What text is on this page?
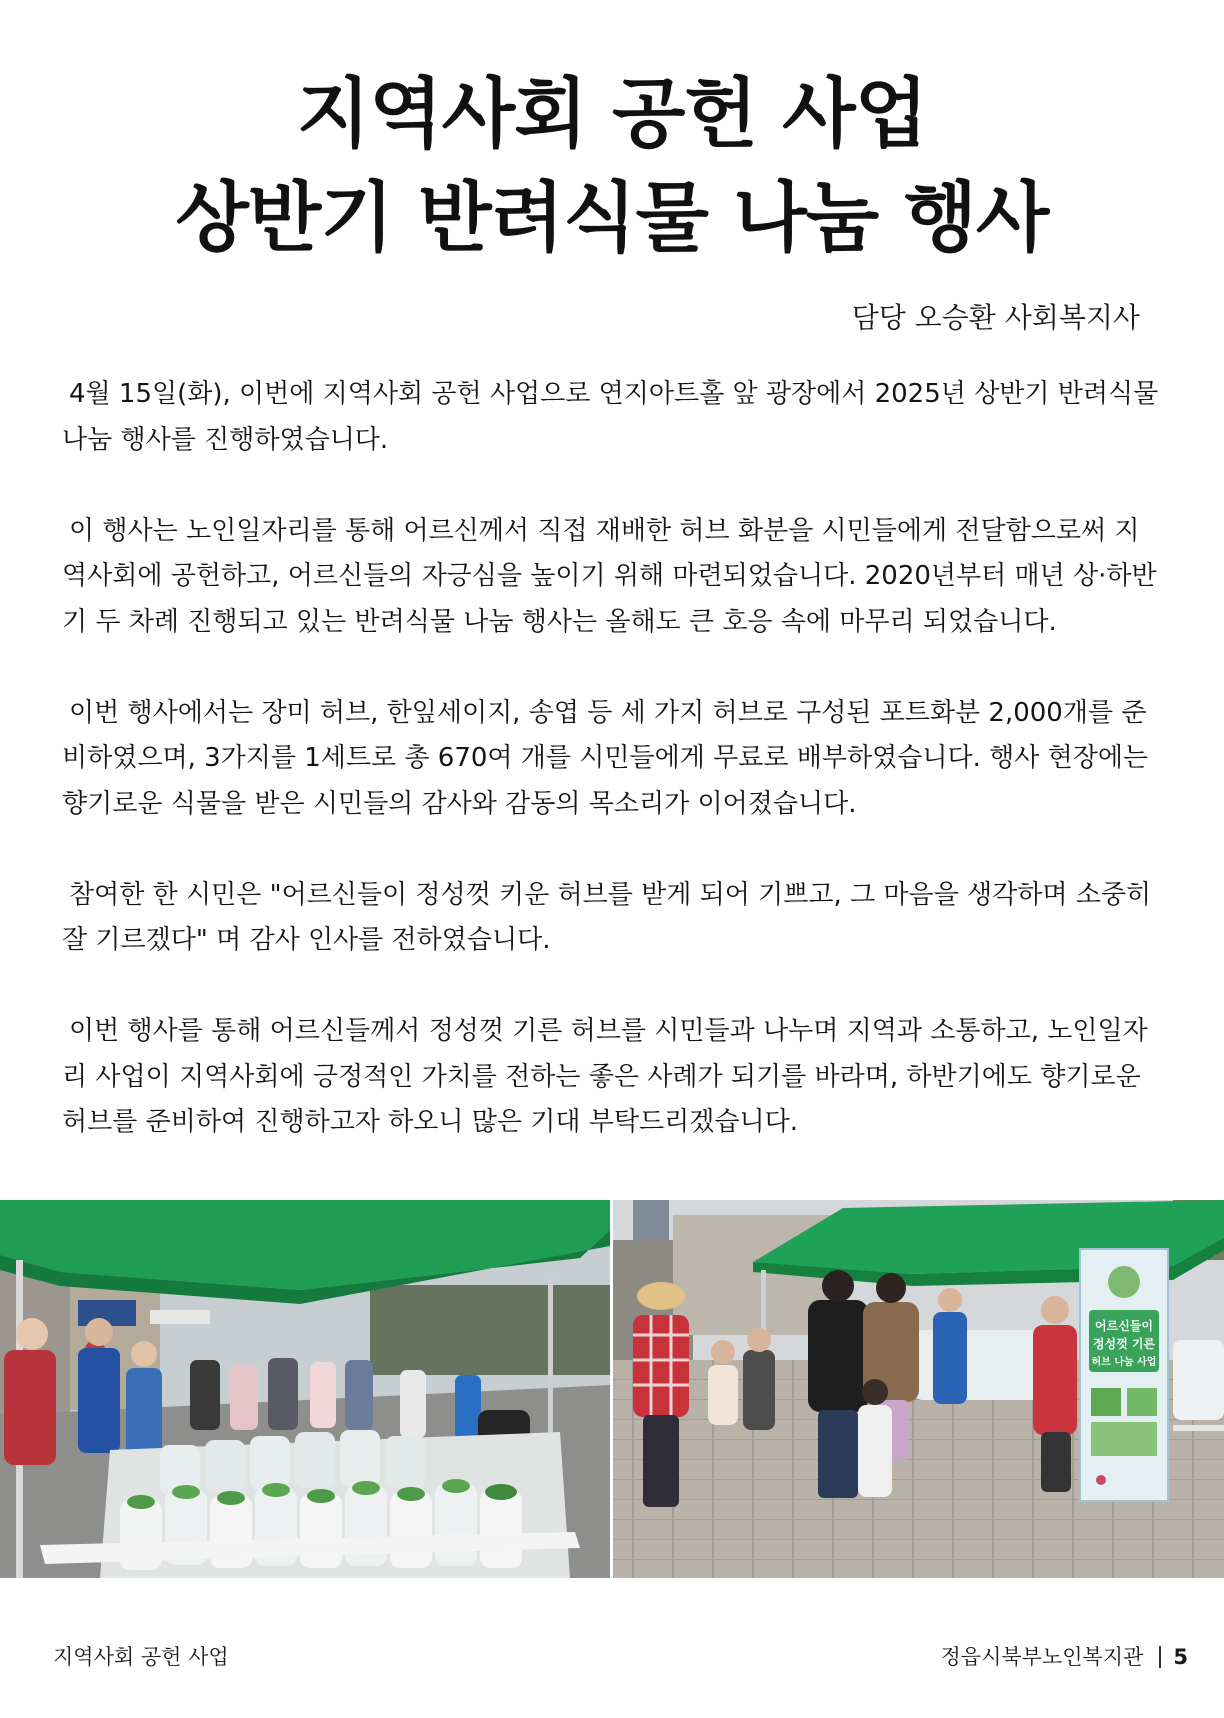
지역사회 공헌 사업
상반기 반려식물 나눔 행사
담당 오승환 사회복지사

4월 15일(화), 이번에 지역사회 공헌 사업으로 연지아트홀 앞 광장에서 2025년 상반기 반려식물 나눔 행사를 진행하였습니다.

이 행사는 노인일자리를 통해 어르신께서 직접 재배한 허브 화분을 시민들에게 전달함으로써 지역사회에 공헌하고, 어르신들의 자긍심을 높이기 위해 마련되었습니다. 2020년부터 매년 상·하반기 두 차례 진행되고 있는 반려식물 나눔 행사는 올해도 큰 호응 속에 마무리 되었습니다.

이번 행사에서는 장미 허브, 한잎세이지, 송엽 등 세 가지 허브로 구성된 포트화분 2,000개를 준비하였으며, 3가지를 1세트로 총 670여 개를 시민들에게 무료로 배부하였습니다. 행사 현장에는 향기로운 식물을 받은 시민들의 감사와 감동의 목소리가 이어졌습니다.

참여한 한 시민은 "어르신들이 정성껏 키운 허브를 받게 되어 기쁘고, 그 마음을 생각하며 소중히 잘 기르겠다" 며 감사 인사를 전하였습니다.

이번 행사를 통해 어르신들께서 정성껏 기른 허브를 시민들과 나누며 지역과 소통하고, 노인일자리 사업이 지역사회에 긍정적인 가치를 전하는 좋은 사례가 되기를 바라며, 하반기에도 향기로운 허브를 준비하여 진행하고자 하오니 많은 기대 부탁드리겠습니다.

어르신들이
정성껏 기른
허브 나눔 사업
지역사회 공헌 사업	정읍시북부노인복지관 5
